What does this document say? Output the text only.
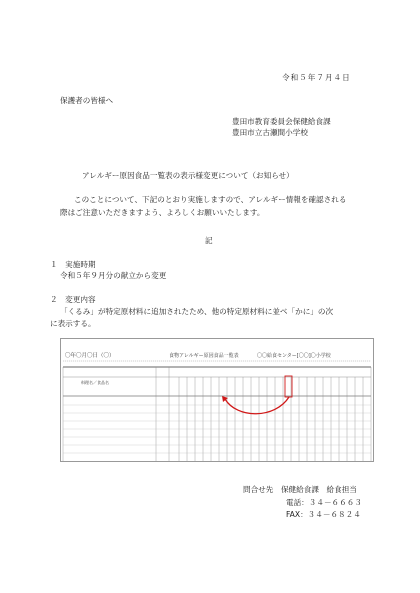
令和５年７月４日
保護者の皆様へ
豊田市教育委員会保健給食課
豊田市立古瀬間小学校
アレルギー原因食品一覧表の表示様変更について（お知らせ）
このことについて、下記のとおり実施しますので、アレルギー情報を確認される
際はご注意いただきますよう、よろしくお願いいたします。
記
１　実施時期
令和５年９月分の献立から変更
２　変更内容
「くるみ」が特定原材料に追加されたため、他の特定原材料に並べ「かに」の次
に表示する。
〇年〇月〇日（〇）	食物アレルギー原因食品一覧表	〇〇給食センター[〇〇]〇小学校
料理名／食品名
問合せ先　保健給食課　給食担当
電話：３４－６６６３
FAX：３４－６８２４
